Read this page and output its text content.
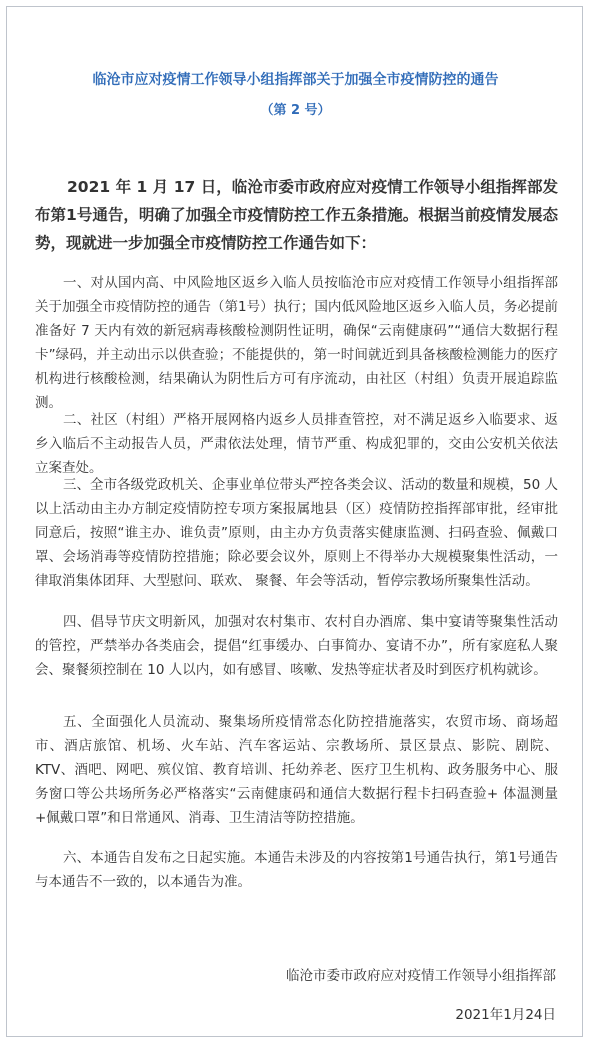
临沧市应对疫情工作领导小组指挥部关于加强全市疫情防控的通告
（第 2 号）

2021 年 1 月 17 日，临沧市委市政府应对疫情工作领导小组指挥部发布第1号通告，明确了加强全市疫情防控工作五条措施。根据当前疫情发展态势，现就进一步加强全市疫情防控工作通告如下：

一、对从国内高、中风险地区返乡入临人员按临沧市应对疫情工作领导小组指挥部关于加强全市疫情防控的通告（第1号）执行；国内低风险地区返乡入临人员，务必提前准备好 7 天内有效的新冠病毒核酸检测阴性证明，确保“云南健康码”“通信大数据行程卡”绿码，并主动出示以供查验；不能提供的，第一时间就近到具备核酸检测能力的医疗机构进行核酸检测，结果确认为阴性后方可有序流动，由社区（村组）负责开展追踪监测。

二、社区（村组）严格开展网格内返乡人员排查管控，对不满足返乡入临要求、返乡入临后不主动报告人员，严肃依法处理，情节严重、构成犯罪的，交由公安机关依法立案查处。

三、全市各级党政机关、企事业单位带头严控各类会议、活动的数量和规模，50 人以上活动由主办方制定疫情防控专项方案报属地县（区）疫情防控指挥部审批，经审批同意后，按照“谁主办、谁负责”原则，由主办方负责落实健康监测、扫码查验、佩戴口罩、会场消毒等疫情防控措施；除必要会议外，原则上不得举办大规模聚集性活动，一律取消集体团拜、大型慰问、联欢、 聚餐、年会等活动，暂停宗教场所聚集性活动。

四、倡导节庆文明新风，加强对农村集市、农村自办酒席、集中宴请等聚集性活动的管控，严禁举办各类庙会，提倡“红事缓办、白事简办、宴请不办”，所有家庭私人聚会、聚餐须控制在 10 人以内，如有感冒、咳嗽、发热等症状者及时到医疗机构就诊。

五、全面强化人员流动、聚集场所疫情常态化防控措施落实，农贸市场、商场超市、酒店旅馆、机场、火车站、汽车客运站、宗教场所、景区景点、影院、剧院、KTV、酒吧、网吧、殡仪馆、教育培训、托幼养老、医疗卫生机构、政务服务中心、服务窗口等公共场所务必严格落实“云南健康码和通信大数据行程卡扫码查验+ 体温测量+佩戴口罩”和日常通风、消毒、卫生清洁等防控措施。

六、本通告自发布之日起实施。本通告未涉及的内容按第1号通告执行，第1号通告与本通告不一致的，以本通告为准。

临沧市委市政府应对疫情工作领导小组指挥部
2021年1月24日
